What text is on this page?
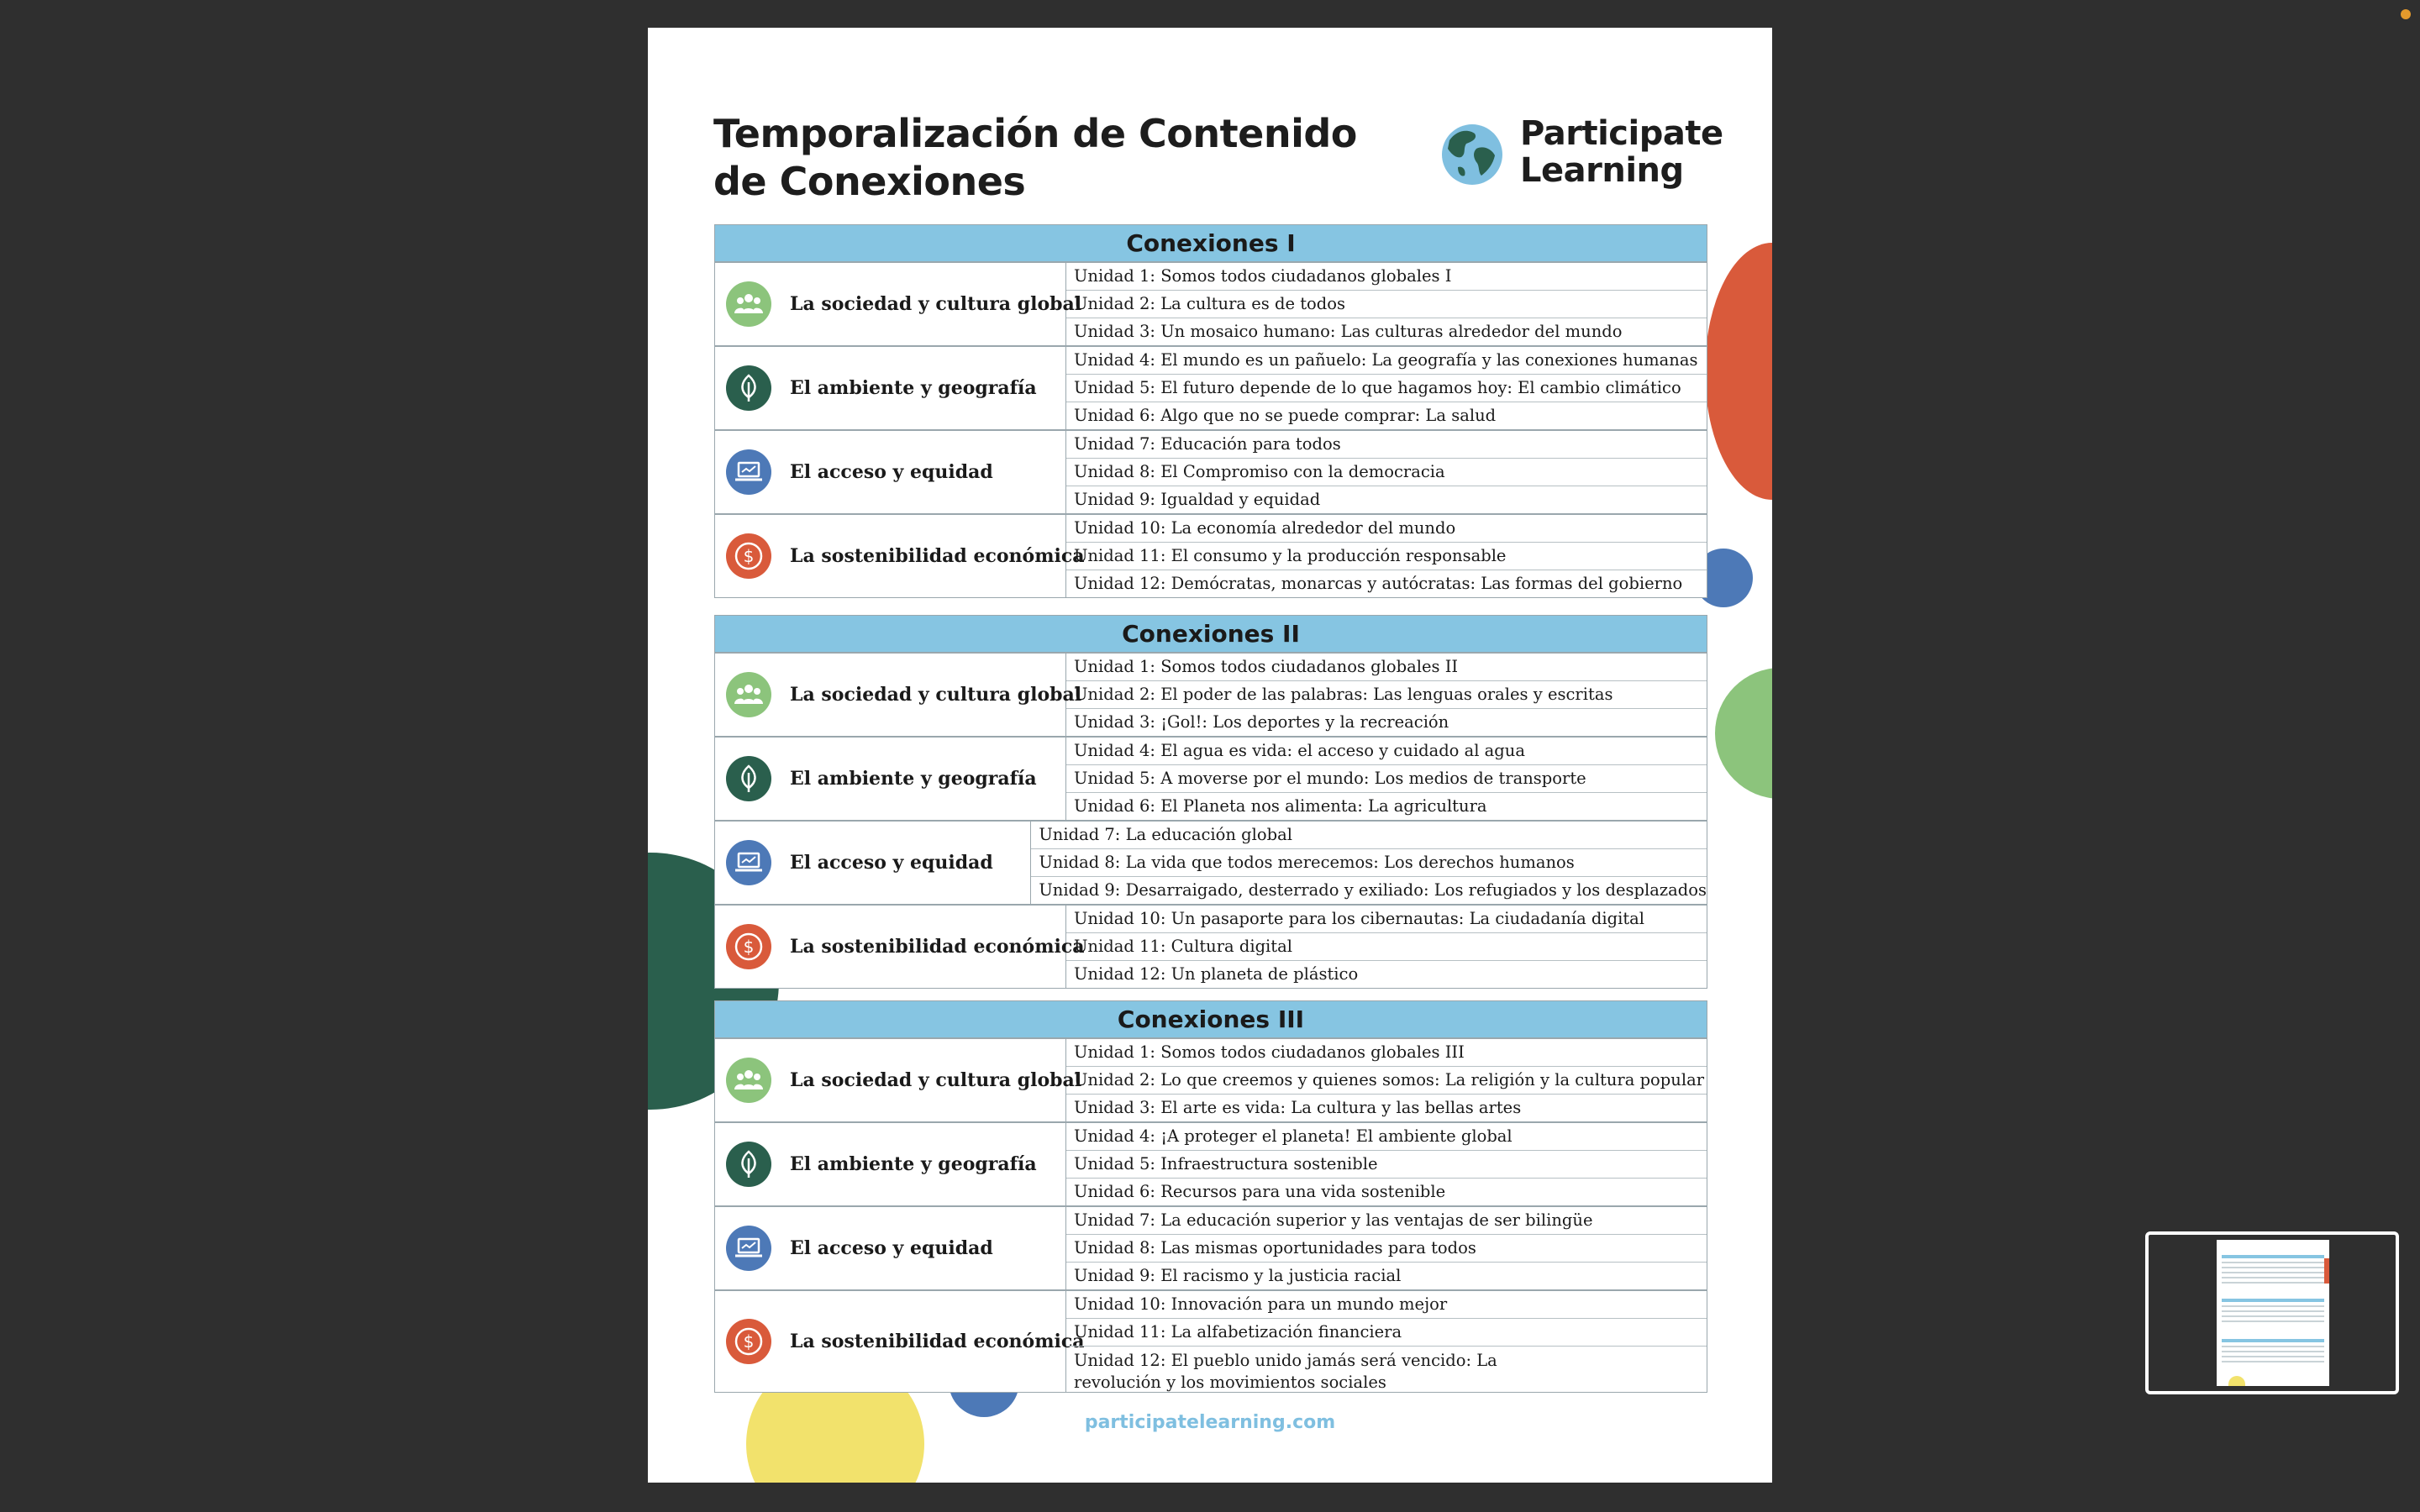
Temporalización de Contenido
de Conexiones
Participate
Learning
Conexiones I
La sociedad y cultura global
Unidad 1: Somos todos ciudadanos globales I
Unidad 2: La cultura es de todos
Unidad 3: Un mosaico humano: Las culturas alrededor del mundo
El ambiente y geografía
Unidad 4: El mundo es un pañuelo: La geografía y las conexiones humanas
Unidad 5: El futuro depende de lo que hagamos hoy: El cambio climático
Unidad 6: Algo que no se puede comprar: La salud
El acceso y equidad
Unidad 7: Educación para todos
Unidad 8: El Compromiso con la democracia
Unidad 9: Igualdad y equidad
$ La sostenibilidad económica
Unidad 10: La economía alrededor del mundo
Unidad 11: El consumo y la producción responsable
Unidad 12: Demócratas, monarcas y autócratas: Las formas del gobierno
Conexiones II
La sociedad y cultura global
Unidad 1: Somos todos ciudadanos globales II
Unidad 2: El poder de las palabras: Las lenguas orales y escritas
Unidad 3: ¡Gol!: Los deportes y la recreación
El ambiente y geografía
Unidad 4: El agua es vida: el acceso y cuidado al agua
Unidad 5: A moverse por el mundo: Los medios de transporte
Unidad 6: El Planeta nos alimenta: La agricultura
El acceso y equidad
Unidad 7: La educación global
Unidad 8: La vida que todos merecemos: Los derechos humanos
Unidad 9: Desarraigado, desterrado y exiliado: Los refugiados y los desplazados
$ La sostenibilidad económica
Unidad 10: Un pasaporte para los cibernautas: La ciudadanía digital
Unidad 11: Cultura digital
Unidad 12: Un planeta de plástico
Conexiones III
La sociedad y cultura global
Unidad 1: Somos todos ciudadanos globales III
Unidad 2: Lo que creemos y quienes somos: La religión y la cultura popular
Unidad 3: El arte es vida: La cultura y las bellas artes
El ambiente y geografía
Unidad 4: ¡A proteger el planeta! El ambiente global
Unidad 5: Infraestructura sostenible
Unidad 6: Recursos para una vida sostenible
El acceso y equidad
Unidad 7: La educación superior y las ventajas de ser bilingüe
Unidad 8: Las mismas oportunidades para todos
Unidad 9: El racismo y la justicia racial
$ La sostenibilidad económica
Unidad 10: Innovación para un mundo mejor
Unidad 11: La alfabetización financiera
Unidad 12: El pueblo unido jamás será vencido: La revolución y los movimientos sociales
participatelearning.com
